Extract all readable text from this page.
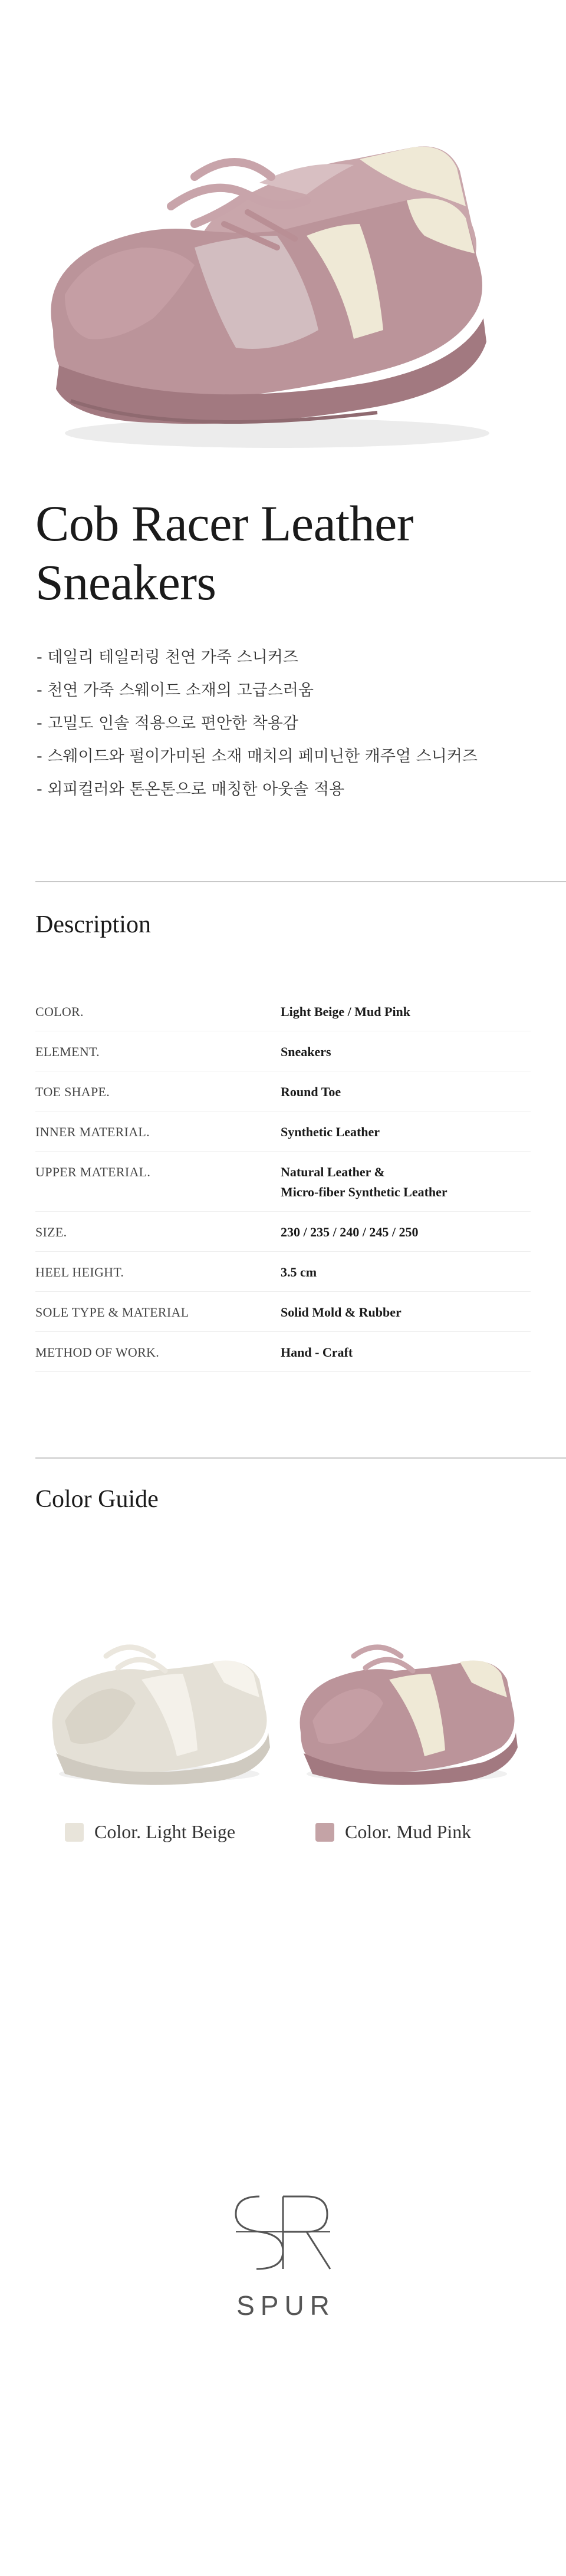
Cob Racer Leather
Sneakers
- 데일리 테일러링 천연 가죽 스니커즈
- 천연 가죽 스웨이드 소재의 고급스러움
- 고밀도 인솔 적용으로 편안한 착용감
- 스웨이드와 펄이가미된 소재 매치의 페미닌한 캐주얼 스니커즈
- 외피컬러와 톤온톤으로 매칭한 아웃솔 적용
Description
COLOR.	Light Beige / Mud Pink
ELEMENT.	Sneakers
TOE SHAPE.	Round Toe
INNER MATERIAL.	Synthetic Leather
UPPER MATERIAL.	Natural Leather &
Micro-fiber Synthetic Leather
SIZE.	230 / 235 / 240 / 245 / 250
HEEL HEIGHT.	3.5 cm
SOLE TYPE & MATERIAL	Solid Mold & Rubber
METHOD OF WORK.	Hand - Craft
Color Guide
Color. Light Beige	Color. Mud Pink
SPUR
